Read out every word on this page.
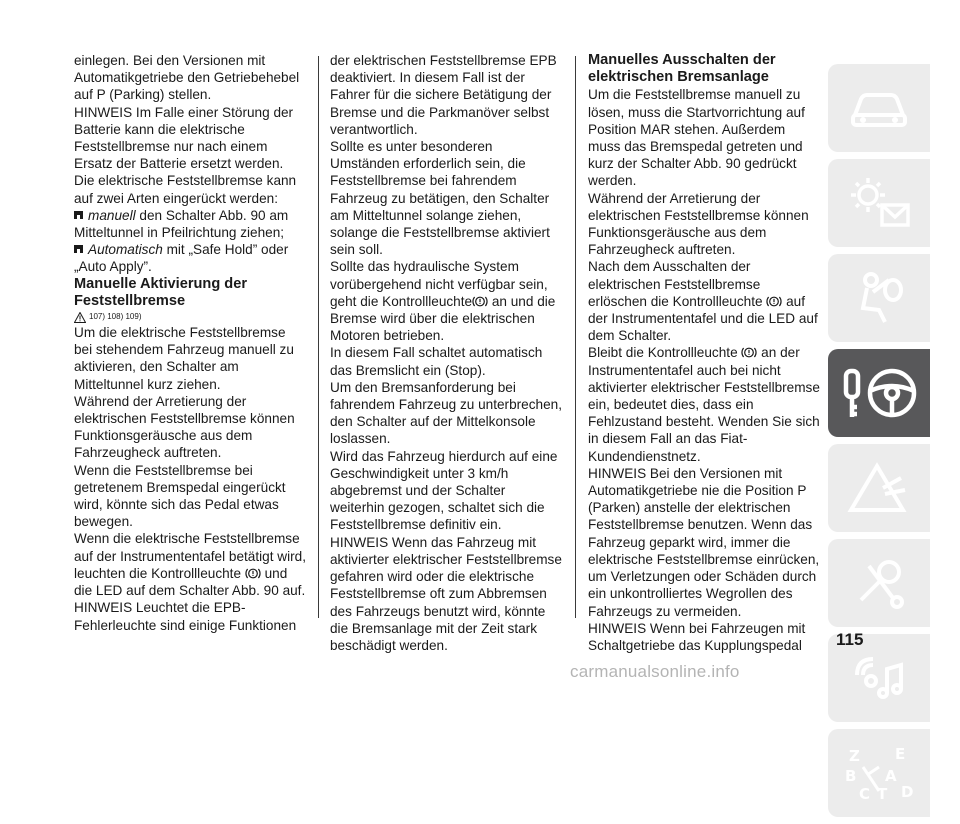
einlegen. Bei den Versionen mit Automatikgetriebe den Getriebehebel auf P (Parking) stellen.

HINWEIS Im Falle einer Störung der Batterie kann die elektrische Feststellbremse nur nach einem Ersatz der Batterie ersetzt werden.

Die elektrische Feststellbremse kann auf zwei Arten eingerückt werden:

manuell den Schalter Abb. 90 am Mitteltunnel in Pfeilrichtung ziehen;

Automatisch mit „Safe Hold” oder „Auto Apply”.

Manuelle Aktivierung der Feststellbremse

107) 108) 109)

Um die elektrische Feststellbremse bei stehendem Fahrzeug manuell zu aktivieren, den Schalter am Mitteltunnel kurz ziehen.

Während der Arretierung der elektrischen Feststellbremse können Funktionsgeräusche aus dem Fahrzeugheck auftreten.

Wenn die Feststellbremse bei getretenem Bremspedal eingerückt wird, könnte sich das Pedal etwas bewegen.

Wenn die elektrische Feststellbremse auf der Instrumententafel betätigt wird, leuchten die Kontrollleuchte  und die LED auf dem Schalter Abb. 90 auf.

HINWEIS Leuchtet die EPB-Fehlerleuchte sind einige Funktionen

der elektrischen Feststellbremse EPB deaktiviert. In diesem Fall ist der Fahrer für die sichere Betätigung der Bremse und die Parkmanöver selbst verantwortlich.

Sollte es unter besonderen Umständen erforderlich sein, die Feststellbremse bei fahrendem Fahrzeug zu betätigen, den Schalter am Mitteltunnel solange ziehen, solange die Feststellbremse aktiviert sein soll.

Sollte das hydraulische System vorübergehend nicht verfügbar sein, geht die Kontrollleuchte an und die Bremse wird über die elektrischen Motoren betrieben.

In diesem Fall schaltet automatisch das Bremslicht ein (Stop).

Um den Bremsanforderung bei fahrendem Fahrzeug zu unterbrechen, den Schalter auf der Mittelkonsole loslassen.

Wird das Fahrzeug hierdurch auf eine Geschwindigkeit unter 3 km/h abgebremst und der Schalter weiterhin gezogen, schaltet sich die Feststellbremse definitiv ein.

HINWEIS Wenn das Fahrzeug mit aktivierter elektrischer Feststellbremse gefahren wird oder die elektrische Feststellbremse oft zum Abbremsen des Fahrzeugs benutzt wird, könnte die Bremsanlage mit der Zeit stark beschädigt werden.

Manuelles Ausschalten der elektrischen Bremsanlage

Um die Feststellbremse manuell zu lösen, muss die Startvorrichtung auf Position MAR stehen. Außerdem muss das Bremspedal getreten und kurz der Schalter Abb. 90 gedrückt werden.

Während der Arretierung der elektrischen Feststellbremse können Funktionsgeräusche aus dem Fahrzeugheck auftreten.

Nach dem Ausschalten der elektrischen Feststellbremse erlöschen die Kontrollleuchte  auf der Instrumententafel und die LED auf dem Schalter.

Bleibt die Kontrollleuchte  an der Instrumententafel auch bei nicht aktivierter elektrischer Feststellbremse ein, bedeutet dies, dass ein Fehlzustand besteht. Wenden Sie sich in diesem Fall an das Fiat-Kundendienstnetz.

HINWEIS Bei den Versionen mit Automatikgetriebe nie die Position P (Parken) anstelle der elektrischen Feststellbremse benutzen. Wenn das Fahrzeug geparkt wird, immer die elektrische Feststellbremse einrücken, um Verletzungen oder Schäden durch ein unkontrolliertes Wegrollen des Fahrzeugs zu vermeiden.

HINWEIS Wenn bei Fahrzeugen mit Schaltgetriebe das Kupplungspedal

Z E
B A
C T D
115
carmanualsonline.info
